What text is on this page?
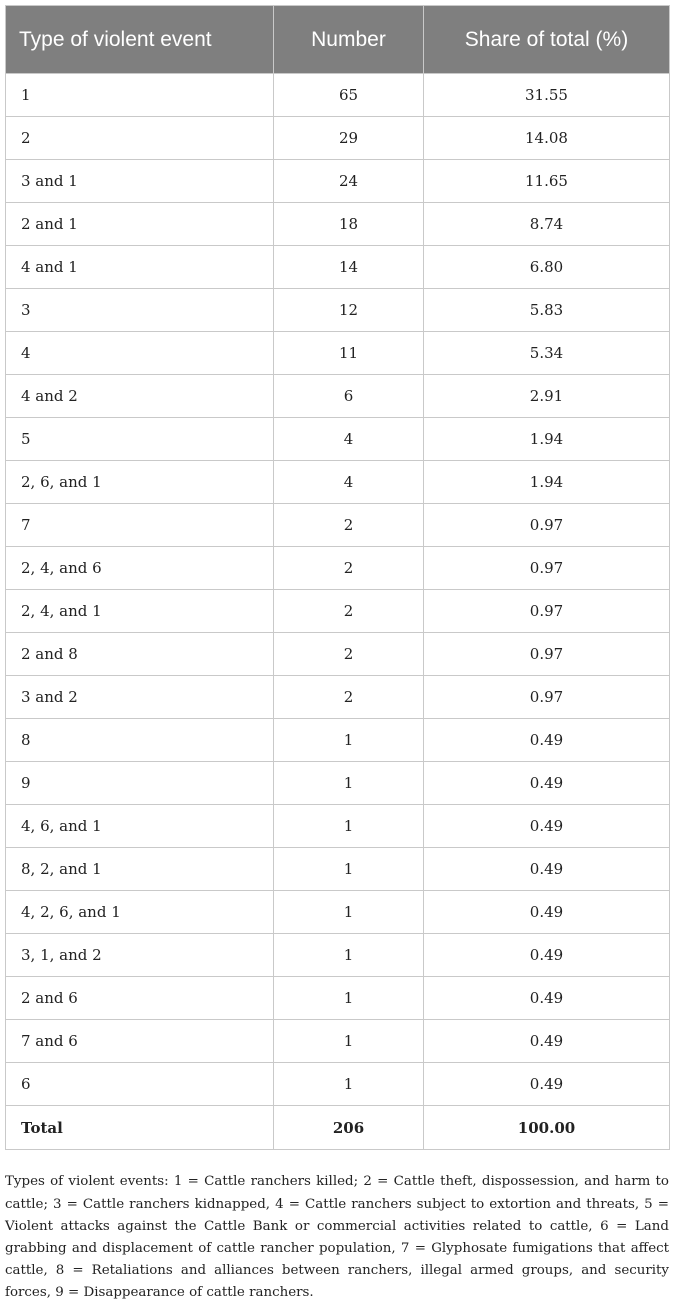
Type of violent event	Number	Share of total (%)
1	65	31.55
2	29	14.08
3 and 1	24	11.65
2 and 1	18	8.74
4 and 1	14	6.80
3	12	5.83
4	11	5.34
4 and 2	6	2.91
5	4	1.94
2, 6, and 1	4	1.94
7	2	0.97
2, 4, and 6	2	0.97
2, 4, and 1	2	0.97
2 and 8	2	0.97
3 and 2	2	0.97
8	1	0.49
9	1	0.49
4, 6, and 1	1	0.49
8, 2, and 1	1	0.49
4, 2, 6, and 1	1	0.49
3, 1, and 2	1	0.49
2 and 6	1	0.49
7 and 6	1	0.49
6	1	0.49
Total	206	100.00

Types of violent events: 1 = Cattle ranchers killed; 2 = Cattle theft, dispossession, and harm to cattle; 3 = Cattle ranchers kidnapped, 4 = Cattle ranchers subject to extortion and threats, 5 = Violent attacks against the Cattle Bank or commercial activities related to cattle, 6 = Land grabbing and displacement of cattle rancher population, 7 = Glyphosate fumigations that affect cattle, 8 = Retaliations and alliances between ranchers, illegal armed groups, and security forces, 9 = Disappearance of cattle ranchers.
